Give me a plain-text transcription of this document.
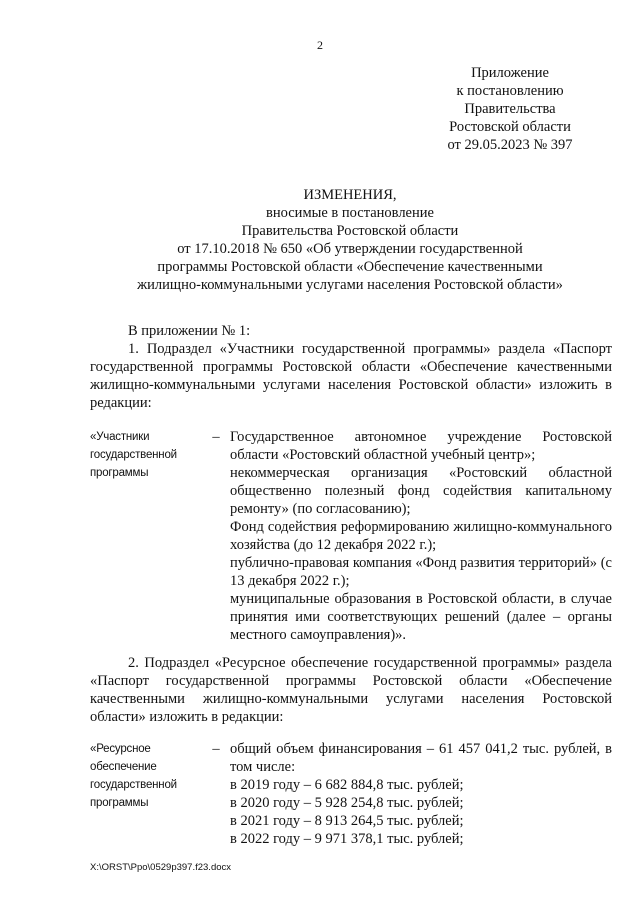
2
Приложение
к постановлению
Правительства
Ростовской области
от 29.05.2023 № 397
ИЗМЕНЕНИЯ,
вносимые в постановление
Правительства Ростовской области
от 17.10.2018 № 650 «Об утверждении государственной
программы Ростовской области «Обеспечение качественными
жилищно-коммунальными услугами населения Ростовской области»

В приложении № 1:

1. Подраздел «Участники государственной программы» раздела «Паспорт государственной программы Ростовской области «Обеспечение качественными жилищно-коммунальными услугами населения Ростовской области» изложить в редакции:

«Участники
государственной
программы
– Государственное автономное учреждение Ростовской области «Ростовский областной учебный центр»;

некоммерческая организация «Ростовский областной общественно полезный фонд содействия капитальному ремонту» (по согласованию);

Фонд содействия реформированию жилищно-коммунального хозяйства (до 12 декабря 2022 г.);

публично-правовая компания «Фонд развития территорий» (с 13 декабря 2022 г.);

муниципальные образования в Ростовской области, в случае принятия ими соответствующих решений (далее – органы местного самоуправления)».

2. Подраздел «Ресурсное обеспечение государственной программы» раздела «Паспорт государственной программы Ростовской области «Обеспечение качественными жилищно-коммунальными услугами населения Ростовской области» изложить в редакции:

«Ресурсное
обеспечение
государственной
программы
– общий объем финансирования – 61 457 041,2 тыс. рублей, в том числе:

в 2019 году – 6 682 884,8 тыс. рублей;

в 2020 году – 5 928 254,8 тыс. рублей;

в 2021 году – 8 913 264,5 тыс. рублей;

в 2022 году – 9 971 378,1 тыс. рублей;

X:\ORST\Ppo\0529p397.f23.docx
